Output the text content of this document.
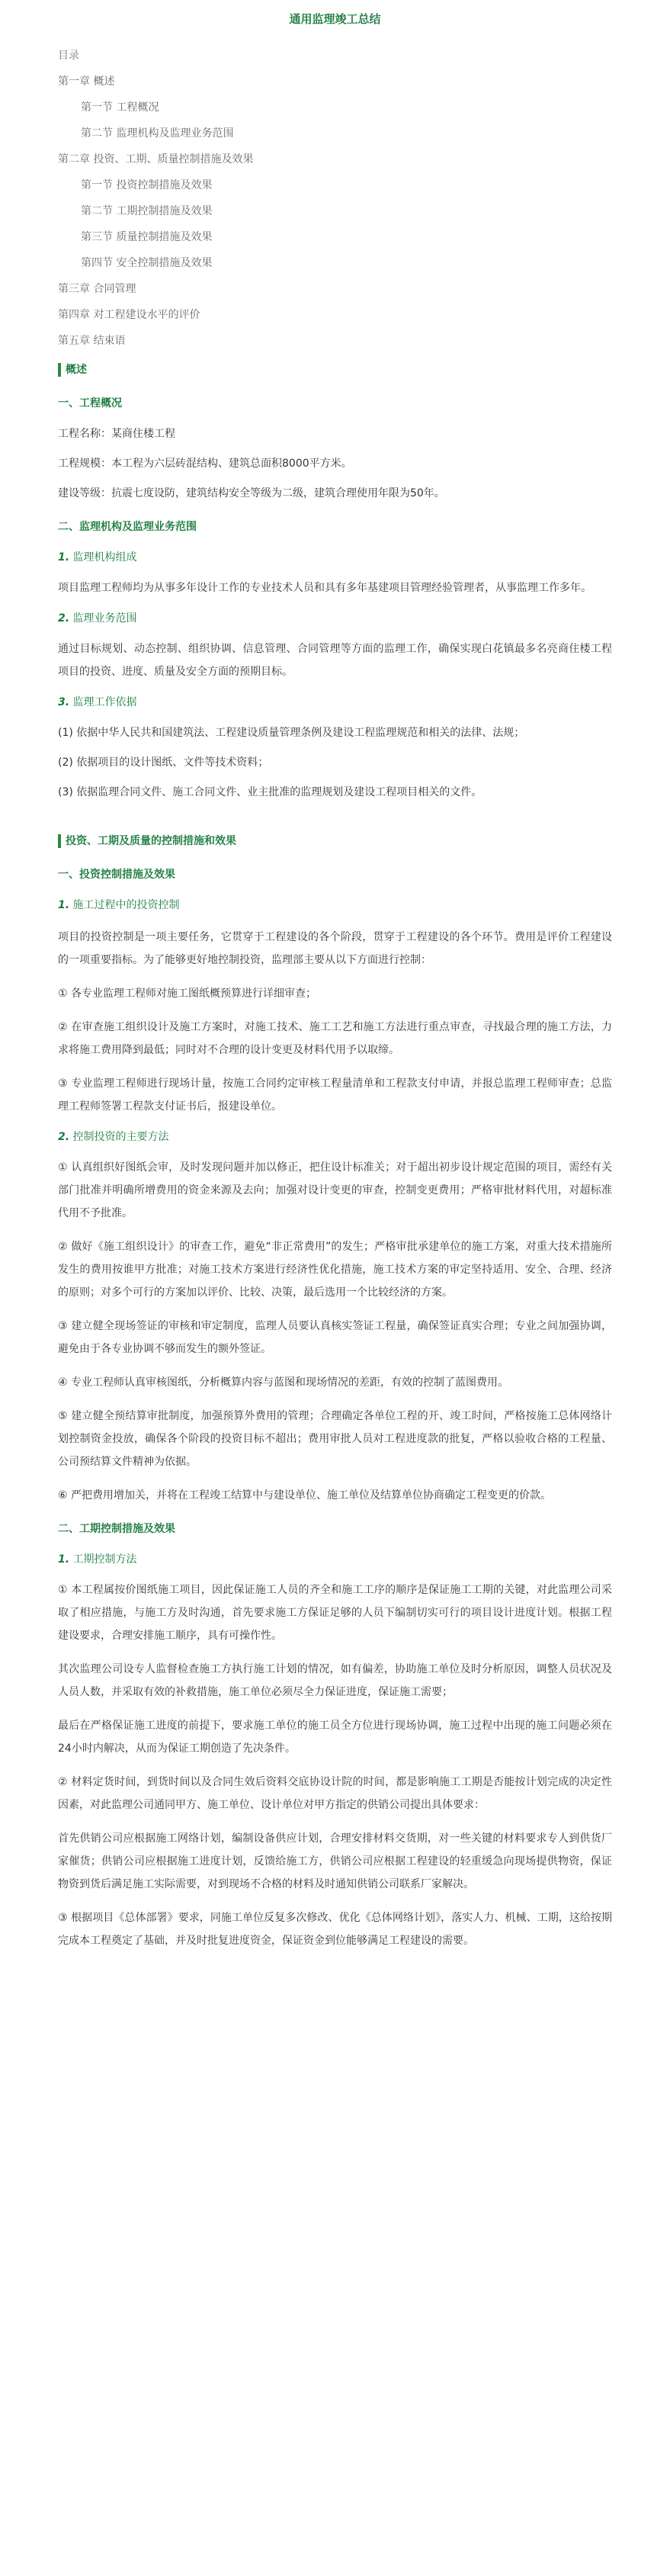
通用监理竣工总结
目录
第一章 概述
第一节 工程概况
第二节 监理机构及监理业务范围
第二章 投资、工期、质量控制措施及效果
第一节 投资控制措施及效果
第二节 工期控制措施及效果
第三节 质量控制措施及效果
第四节 安全控制措施及效果
第三章 合同管理
第四章 对工程建设水平的评价
第五章 结束语
概述
一、工程概况
工程名称：某商住楼工程
工程规模：本工程为六层砖混结构、建筑总面积8000平方米。
建设等级：抗震七度设防，建筑结构安全等级为二级，建筑合理使用年限为50年。
二、监理机构及监理业务范围
1. 监理机构组成
项目监理工程师均为从事多年设计工作的专业技术人员和具有多年基建项目管理经验管理者，从事监理工作多年。
2. 监理业务范围
通过目标规划、动态控制、组织协调、信息管理、合同管理等方面的监理工作，确保实现白花镇最多名亮商住楼工程项目的投资、进度、质量及安全方面的预期目标。
3. 监理工作依据
(1) 依据中华人民共和国建筑法、工程建设质量管理条例及建设工程监理规范和相关的法律、法规；
(2) 依据项目的设计图纸、文件等技术资料；
(3) 依据监理合同文件、施工合同文件、业主批准的监理规划及建设工程项目相关的文件。
投资、工期及质量的控制措施和效果
一、投资控制措施及效果
1. 施工过程中的投资控制
项目的投资控制是一项主要任务，它贯穿于工程建设的各个阶段，贯穿于工程建设的各个环节。费用是评价工程建设的一项重要指标。为了能够更好地控制投资，监理部主要从以下方面进行控制：
① 各专业监理工程师对施工图纸概预算进行详细审查；
② 在审查施工组织设计及施工方案时，对施工技术、施工工艺和施工方法进行重点审查，寻找最合理的施工方法，力求将施工费用降到最低；同时对不合理的设计变更及材料代用予以取缔。
③ 专业监理工程师进行现场计量，按施工合同约定审核工程量清单和工程款支付申请，并报总监理工程师审查；总监理工程师签署工程款支付证书后，报建设单位。
2. 控制投资的主要方法
① 认真组织好图纸会审，及时发现问题并加以修正，把住设计标准关；对于超出初步设计规定范围的项目，需经有关部门批准并明确所增费用的资金来源及去向；加强对设计变更的审查，控制变更费用；严格审批材料代用，对超标准代用不予批准。
② 做好《施工组织设计》的审查工作，避免“非正常费用”的发生；严格审批承建单位的施工方案，对重大技术措施所发生的费用按谁甲方批准；对施工技术方案进行经济性优化措施，施工技术方案的审定坚持适用、安全、合理、经济的原则；对多个可行的方案加以评价、比较、决策，最后选用一个比较经济的方案。
③ 建立健全现场签证的审核和审定制度，监理人员要认真核实签证工程量，确保签证真实合理；专业之间加强协调，避免由于各专业协调不够而发生的额外签证。
④ 专业工程师认真审核图纸，分析概算内容与蓝图和现场情况的差距，有效的控制了蓝图费用。
⑤ 建立健全预结算审批制度，加强预算外费用的管理；合理确定各单位工程的开、竣工时间，严格按施工总体网络计划控制资金投放，确保各个阶段的投资目标不超出；费用审批人员对工程进度款的批复，严格以验收合格的工程量、公司预结算文件精神为依据。
⑥ 严把费用增加关，并将在工程竣工结算中与建设单位、施工单位及结算单位协商确定工程变更的价款。
二、工期控制措施及效果
1. 工期控制方法
① 本工程属按价图纸施工项目，因此保证施工人员的齐全和施工工序的顺序是保证施工工期的关键，对此监理公司采取了相应措施，与施工方及时沟通，首先要求施工方保证足够的人员下编制切实可行的项目设计进度计划。根据工程建设要求，合理安排施工顺序，具有可操作性。
其次监理公司设专人监督检查施工方执行施工计划的情况，如有偏差，协助施工单位及时分析原因，调整人员状况及人员人数，并采取有效的补救措施，施工单位必须尽全力保证进度，保证施工需要；
最后在严格保证施工进度的前提下，要求施工单位的施工员全方位进行现场协调，施工过程中出现的施工问题必须在24小时内解决，从而为保证工期创造了先决条件。
② 材料定货时间，到货时间以及合同生效后资料交底协设计院的时间，都是影响施工工期是否能按计划完成的决定性因素，对此监理公司通同甲方、施工单位、设计单位对甲方指定的供销公司提出具体要求：
首先供销公司应根据施工网络计划，编制设备供应计划，合理安排材料交货期，对一些关键的材料要求专人到供货厂家催货；供销公司应根据施工进度计划，反馈给施工方，供销公司应根据工程建设的轻重缓急向现场提供物资，保证物资到货后满足施工实际需要，对到现场不合格的材料及时通知供销公司联系厂家解决。
③ 根据项目《总体部署》要求，同施工单位反复多次修改、优化《总体网络计划》，落实人力、机械、工期，这给按期完成本工程奠定了基础，并及时批复进度资金，保证资金到位能够满足工程建设的需要。
